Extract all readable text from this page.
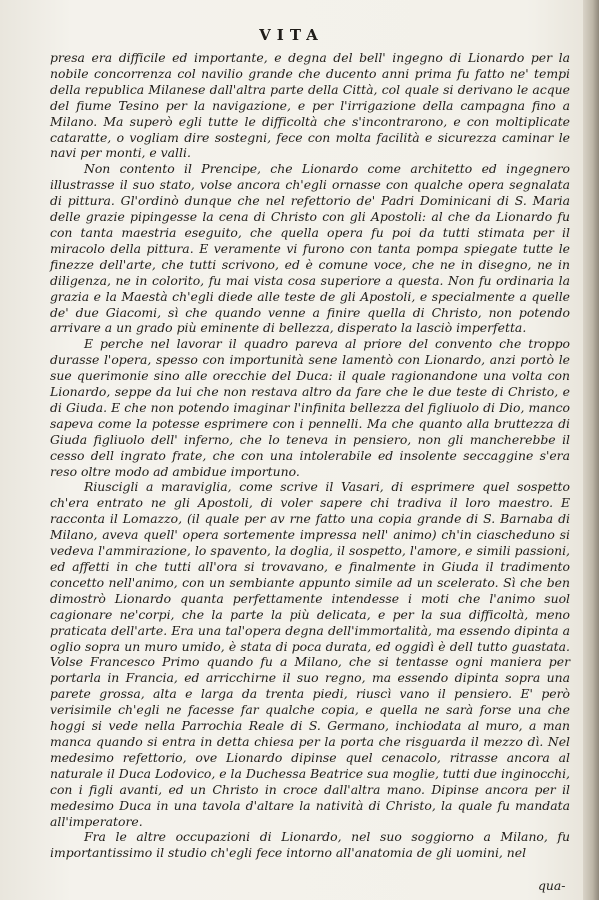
VITA

presa era difficile ed importante, e degna del bell' ingegno di Lionardo per la nobile concorrenza col navilio grande che ducento anni prima fu fatto ne' tempi della republica Milanese dall'altra parte della Città, col quale si derivano le acque del fiume Tesino per la navigazione, e per l'irrigazione della campagna fino a Milano. Ma superò egli tutte le difficoltà che s'incontrarono, e con moltiplicate cataratte, o vogliam dire sostegni, fece con molta facilità e sicurezza caminar le navi per monti, e valli.

Non contento il Prencipe, che Lionardo come architetto ed ingegnero illustrasse il suo stato, volse ancora ch'egli ornasse con qualche opera segnalata di pittura. Gl'ordinò dunque che nel refettorio de' Padri Dominicani di S. Maria delle grazie pipingesse la cena di Christo con gli Apostoli: al che da Lionardo fu con tanta maestria eseguito, che quella opera fu poi da tutti stimata per il miracolo della pittura. E veramente vi furono con tanta pompa spiegate tutte le finezze dell'arte, che tutti scrivono, ed è comune voce, che ne in disegno, ne in diligenza, ne in colorito, fu mai vista cosa superiore a questa. Non fu ordinaria la grazia e la Maestà ch'egli diede alle teste de gli Apostoli, e specialmente a quelle de' due Giacomi, sì che quando venne a finire quella di Christo, non potendo arrivare a un grado più eminente di bellezza, disperato la lasciò imperfetta.

E perche nel lavorar il quadro pareva al priore del convento che troppo durasse l'opera, spesso con importunità sene lamentò con Lionardo, anzi portò le sue querimonie sino alle orecchie del Duca: il quale ragionandone una volta con Lionardo, seppe da lui che non restava altro da fare che le due teste di Christo, e di Giuda. E che non potendo imaginar l'infinita bellezza del figliuolo di Dio, manco sapeva come la potesse esprimere con i pennelli. Ma che quanto alla bruttezza di Giuda figliuolo dell' inferno, che lo teneva in pensiero, non gli mancherebbe il cesso dell ingrato frate, che con una intolerabile ed insolente seccaggine s'era reso oltre modo ad ambidue importuno.

Riuscigli a maraviglia, come scrive il Vasari, di esprimere quel sospetto ch'era entrato ne gli Apostoli, di voler sapere chi tradiva il loro maestro. E racconta il Lomazzo, (il quale per av rne fatto una copia grande di S. Barnaba di Milano, aveva quell' opera sortemente impressa nell' animo) ch'in ciascheduno si vedeva l'ammirazione, lo spavento, la doglia, il sospetto, l'amore, e simili passioni, ed affetti in che tutti all'ora si trovavano, e finalmente in Giuda il tradimento concetto nell'animo, con un sembiante appunto simile ad un scelerato. Sì che ben dimostrò Lionardo quanta perfettamente intendesse i moti che l'animo suol cagionare ne'corpi, che la parte la più delicata, e per la sua difficoltà, meno praticata dell'arte. Era una tal'opera degna dell'immortalità, ma essendo dipinta a oglio sopra un muro umido, è stata di poca durata, ed oggidì è dell tutto guastata. Volse Francesco Primo quando fu a Milano, che si tentasse ogni maniera per portarla in Francia, ed arricchirne il suo regno, ma essendo dipinta sopra una parete grossa, alta e larga da trenta piedi, riuscì vano il pensiero. E' però verisimile ch'egli ne facesse far qualche copia, e quella ne sarà forse una che hoggi si vede nella Parrochia Reale di S. Germano, inchiodata al muro, a man manca quando si entra in detta chiesa per la porta che risguarda il mezzo dì. Nel medesimo refettorio, ove Lionardo dipinse quel cenacolo, ritrasse ancora al naturale il Duca Lodovico, e la Duchessa Beatrice sua moglie, tutti due inginocchi, con i figli avanti, ed un Christo in croce dall'altra mano. Dipinse ancora per il medesimo Duca in una tavola d'altare la natività di Christo, la quale fu mandata all'imperatore.

Fra le altre occupazioni di Lionardo, nel suo soggiorno a Milano, fu importantissimo il studio ch'egli fece intorno all'anatomia de gli uomini, nel

qua-
